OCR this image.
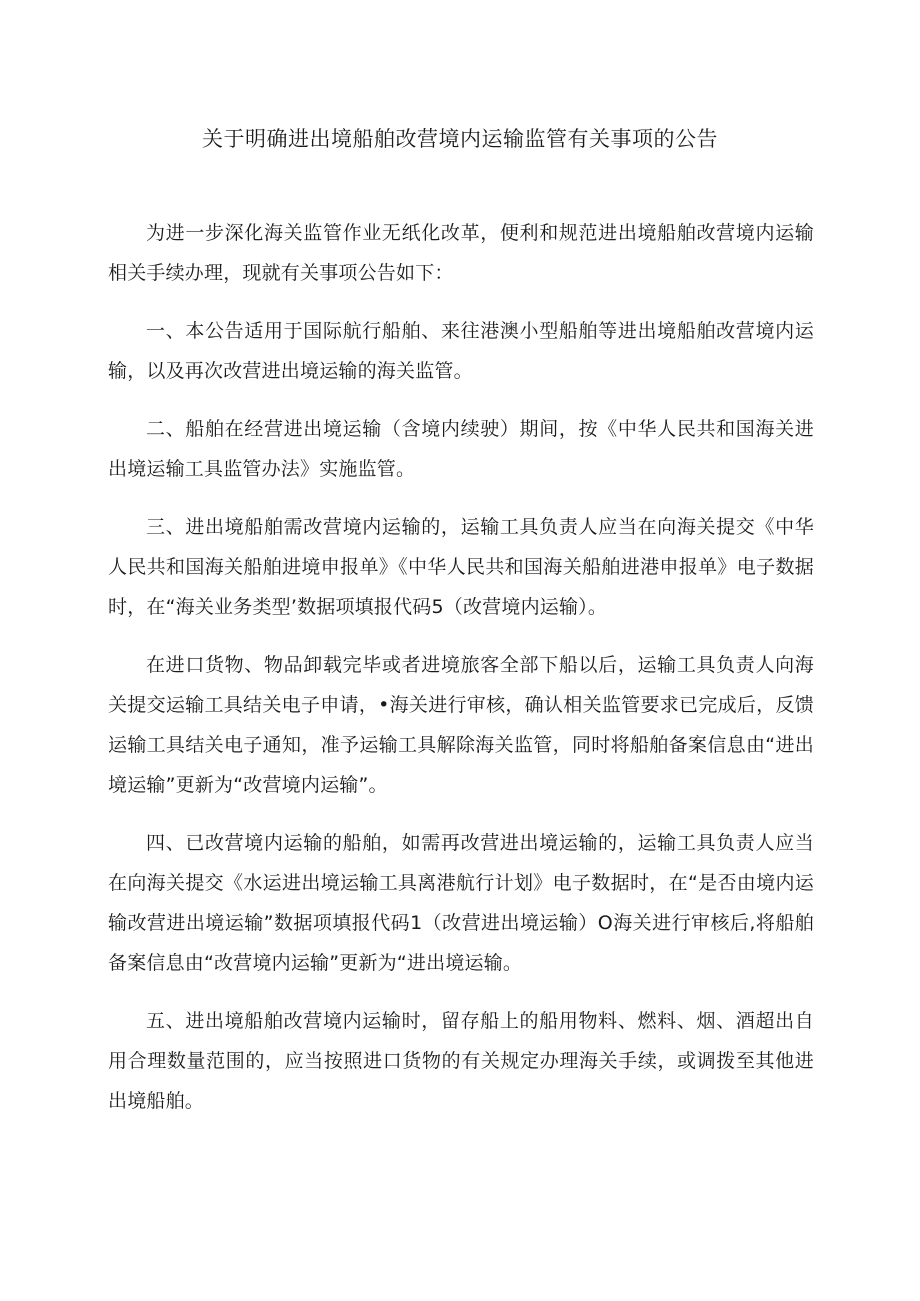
关于明确进出境船舶改营境内运输监管有关事项的公告

为进一步深化海关监管作业无纸化改革，便利和规范进出境船舶改营境内运输相关手续办理，现就有关事项公告如下：

一、本公告适用于国际航行船舶、来往港澳小型船舶等进出境船舶改营境内运输，以及再次改营进出境运输的海关监管。

二、船舶在经营进出境运输（含境内续驶）期间，按《中华人民共和国海关进出境运输工具监管办法》实施监管。

三、进出境船舶需改营境内运输的，运输工具负责人应当在向海关提交《中华人民共和国海关船舶进境申报单》《中华人民共和国海关船舶进港申报单》电子数据时，在“海关业务类型’数据项填报代码5（改营境内运输）。

在进口货物、物品卸载完毕或者进境旅客全部下船以后，运输工具负责人向海关提交运输工具结关电子申请，•海关进行审核，确认相关监管要求已完成后，反馈运输工具结关电子通知，准予运输工具解除海关监管，同时将船舶备案信息由“进出境运输”更新为“改营境内运输”。

四、已改营境内运输的船舶，如需再改营进出境运输的，运输工具负责人应当在向海关提交《水运进出境运输工具离港航行计划》电子数据时，在“是否由境内运输改营进出境运输”数据项填报代码1（改营进出境运输）O海关进行审核后,将船舶备案信息由“改营境内运输”更新为“进出境运输。

五、进出境船舶改营境内运输时，留存船上的船用物料、燃料、烟、酒超出自用合理数量范围的，应当按照进口货物的有关规定办理海关手续，或调拨至其他进出境船舶。
